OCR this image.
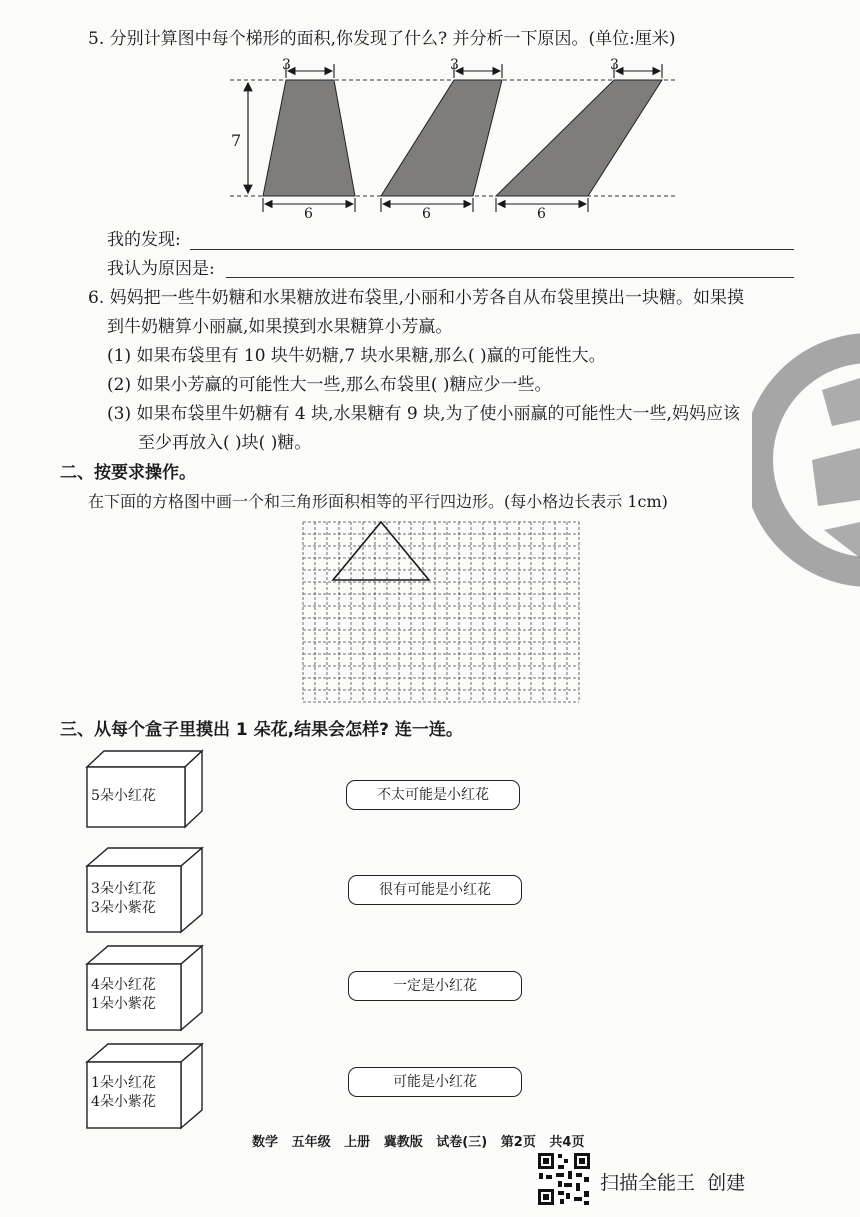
5. 分别计算图中每个梯形的面积,你发现了什么? 并分析一下原因。(单位:厘米)
3	3	3
7
6	6	6
我的发现:
我认为原因是:
6. 妈妈把一些牛奶糖和水果糖放进布袋里,小丽和小芳各自从布袋里摸出一块糖。如果摸
到牛奶糖算小丽赢,如果摸到水果糖算小芳赢。
(1) 如果布袋里有 10 块牛奶糖,7 块水果糖,那么( )赢的可能性大。
(2) 如果小芳赢的可能性大一些,那么布袋里( )糖应少一些。
(3) 如果布袋里牛奶糖有 4 块,水果糖有 9 块,为了使小丽赢的可能性大一些,妈妈应该
至少再放入( )块( )糖。
二、按要求操作。
在下面的方格图中画一个和三角形面积相等的平行四边形。(每小格边长表示 1cm)
三、从每个盒子里摸出 1 朵花,结果会怎样? 连一连。
5朵小红花
3朵小红花
3朵小紫花
4朵小红花
1朵小紫花
1朵小红花
4朵小紫花
不太可能是小红花
很有可能是小红花
一定是小红花
可能是小红花
数学   五年级   上册   冀教版   试卷(三)   第2页   共4页
扫描全能王  创建
